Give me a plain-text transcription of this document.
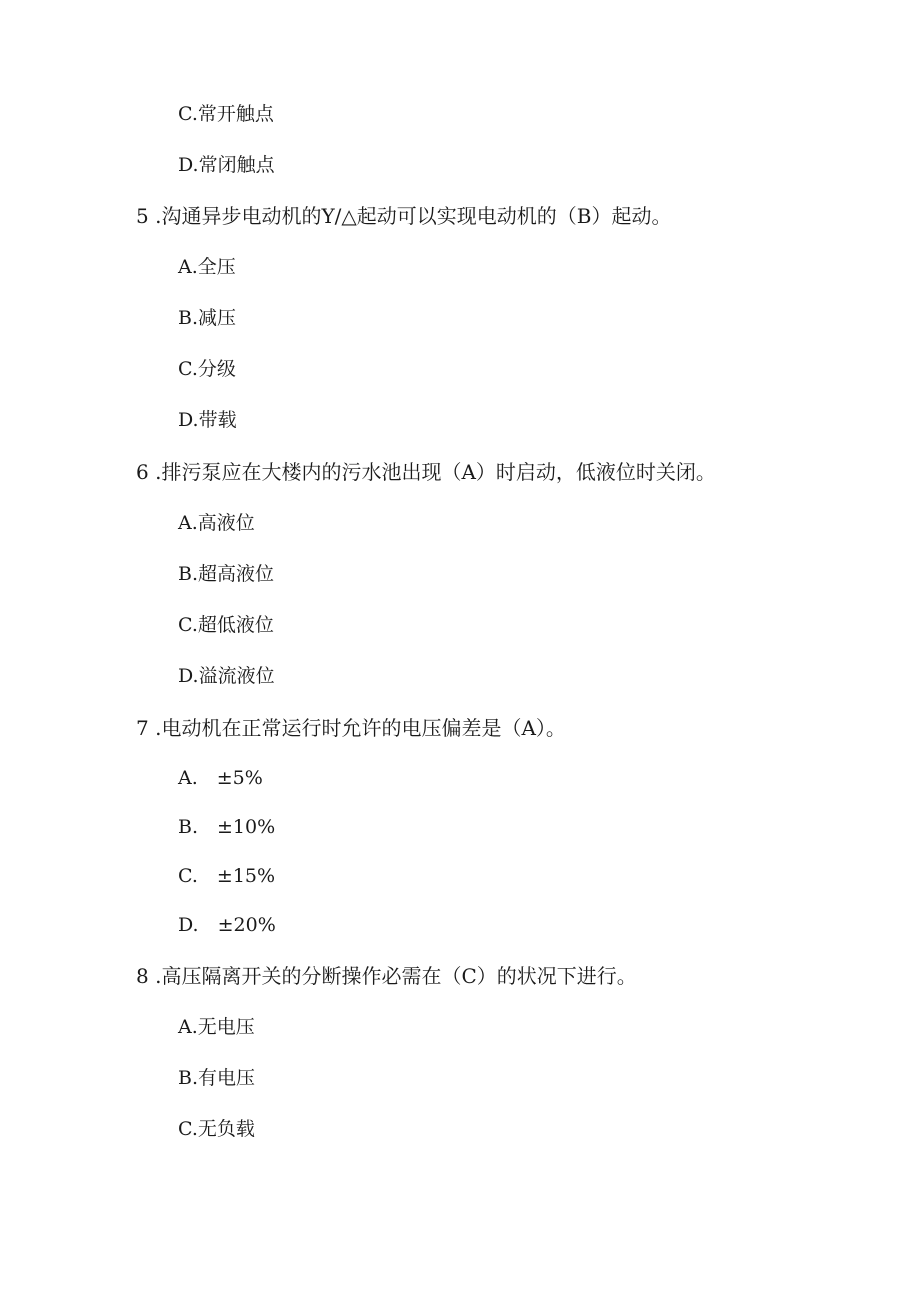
C.常开触点
D.常闭触点
5 .沟通异步电动机的Y/△起动可以实现电动机的（B）起动。
A.全压
B.减压
C.分级
D.带载
6 .排污泵应在大楼内的污水池出现（A）时启动，低液位时关闭。
A.高液位
B.超高液位
C.超低液位
D.溢流液位
7 .电动机在正常运行时允许的电压偏差是（A）。
A.　±5%
B.　±10%
C.　±15%
D.　±20%
8 .高压隔离开关的分断操作必需在（C）的状况下进行。
A.无电压
B.有电压
C.无负载
